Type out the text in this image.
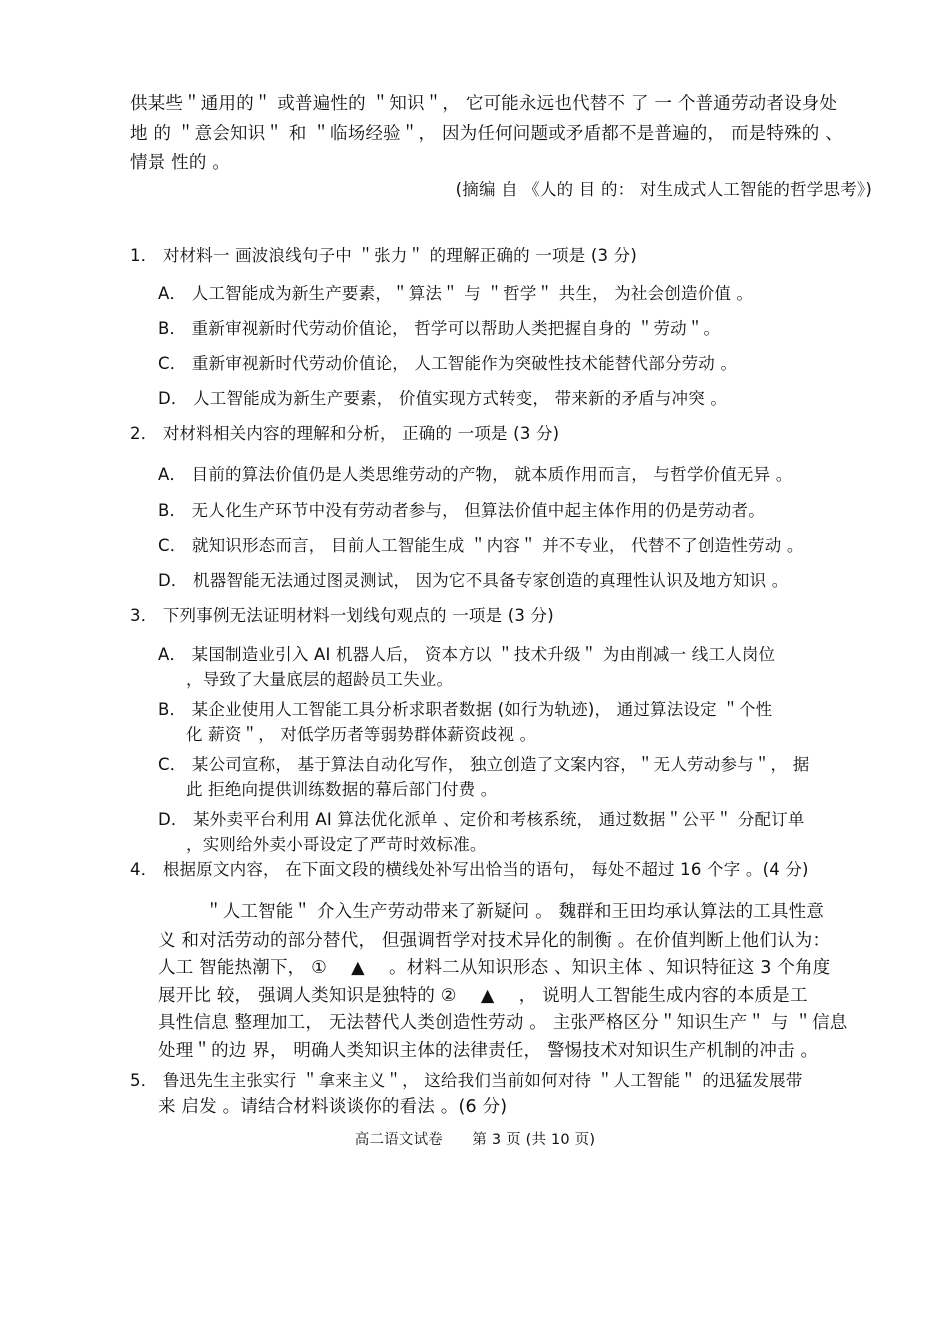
供某些＂通用的＂ 或普遍性的 ＂知识＂， 它可能永远也代替不 了 一 个普通劳动者设身处
地 的 ＂意会知识＂ 和 ＂临场经验＂， 因为任何问题或矛盾都不是普遍的， 而是特殊的 、
情景 性的 。
(摘编 自 《人的 目 的： 对生成式人工智能的哲学思考》)
1． 对材料一 画波浪线句子中 ＂张力＂ 的理解正确的 一项是 (3 分)
A． 人工智能成为新生产要素，＂算法＂ 与 ＂哲学＂ 共生， 为社会创造价值 。
B． 重新审视新时代劳动价值论， 哲学可以帮助人类把握自身的 ＂劳动＂。
C． 重新审视新时代劳动价值论， 人工智能作为突破性技术能替代部分劳动 。
D． 人工智能成为新生产要素， 价值实现方式转变， 带来新的矛盾与冲突 。
2． 对材料相关内容的理解和分析， 正确的 一项是 (3 分)
A． 目前的算法价值仍是人类思维劳动的产物， 就本质作用而言， 与哲学价值无异 。
B． 无人化生产环节中没有劳动者参与， 但算法价值中起主体作用的仍是劳动者。
C． 就知识形态而言， 目前人工智能生成 ＂内容＂ 并不专业， 代替不了创造性劳动 。
D． 机器智能无法通过图灵测试， 因为它不具备专家创造的真理性认识及地方知识 。
3． 下列事例无法证明材料一划线句观点的 一项是 (3 分)
A． 某国制造业引入 AI 机器人后， 资本方以 ＂技术升级＂ 为由削减一 线工人岗位
，导致了大量底层的超龄员工失业。
B． 某企业使用人工智能工具分析求职者数据 (如行为轨迹)， 通过算法设定 ＂个性
化 薪资＂， 对低学历者等弱势群体薪资歧视 。
C． 某公司宣称， 基于算法自动化写作， 独立创造了文案内容，＂无人劳动参与＂， 据
此 拒绝向提供训练数据的幕后部门付费 。
D． 某外卖平台利用 AI 算法优化派单 、定价和考核系统， 通过数据＂公平＂ 分配订单
，实则给外卖小哥设定了严苛时效标准。
4． 根据原文内容， 在下面文段的横线处补写出恰当的语句， 每处不超过 16 个字 。(4 分)
＂人工智能＂ 介入生产劳动带来了新疑问 。 魏群和王田均承认算法的工具性意
义 和对活劳动的部分替代， 但强调哲学对技术异化的制衡 。在价值判断上他们认为：
人工 智能热潮下， ① ▲ 。材料二从知识形态 、知识主体 、知识特征这 3 个角度
展开比 较， 强调人类知识是独特的 ② ▲ ， 说明人工智能生成内容的本质是工
具性信息 整理加工， 无法替代人类创造性劳动 。 主张严格区分＂知识生产＂ 与 ＂信息
处理＂的边 界， 明确人类知识主体的法律责任， 警惕技术对知识生产机制的冲击 。
5． 鲁迅先生主张实行 ＂拿来主义＂， 这给我们当前如何对待 ＂人工智能＂ 的迅猛发展带
来 启发 。请结合材料谈谈你的看法 。(6 分)
高二语文试卷　　第 3 页 (共 10 页)
